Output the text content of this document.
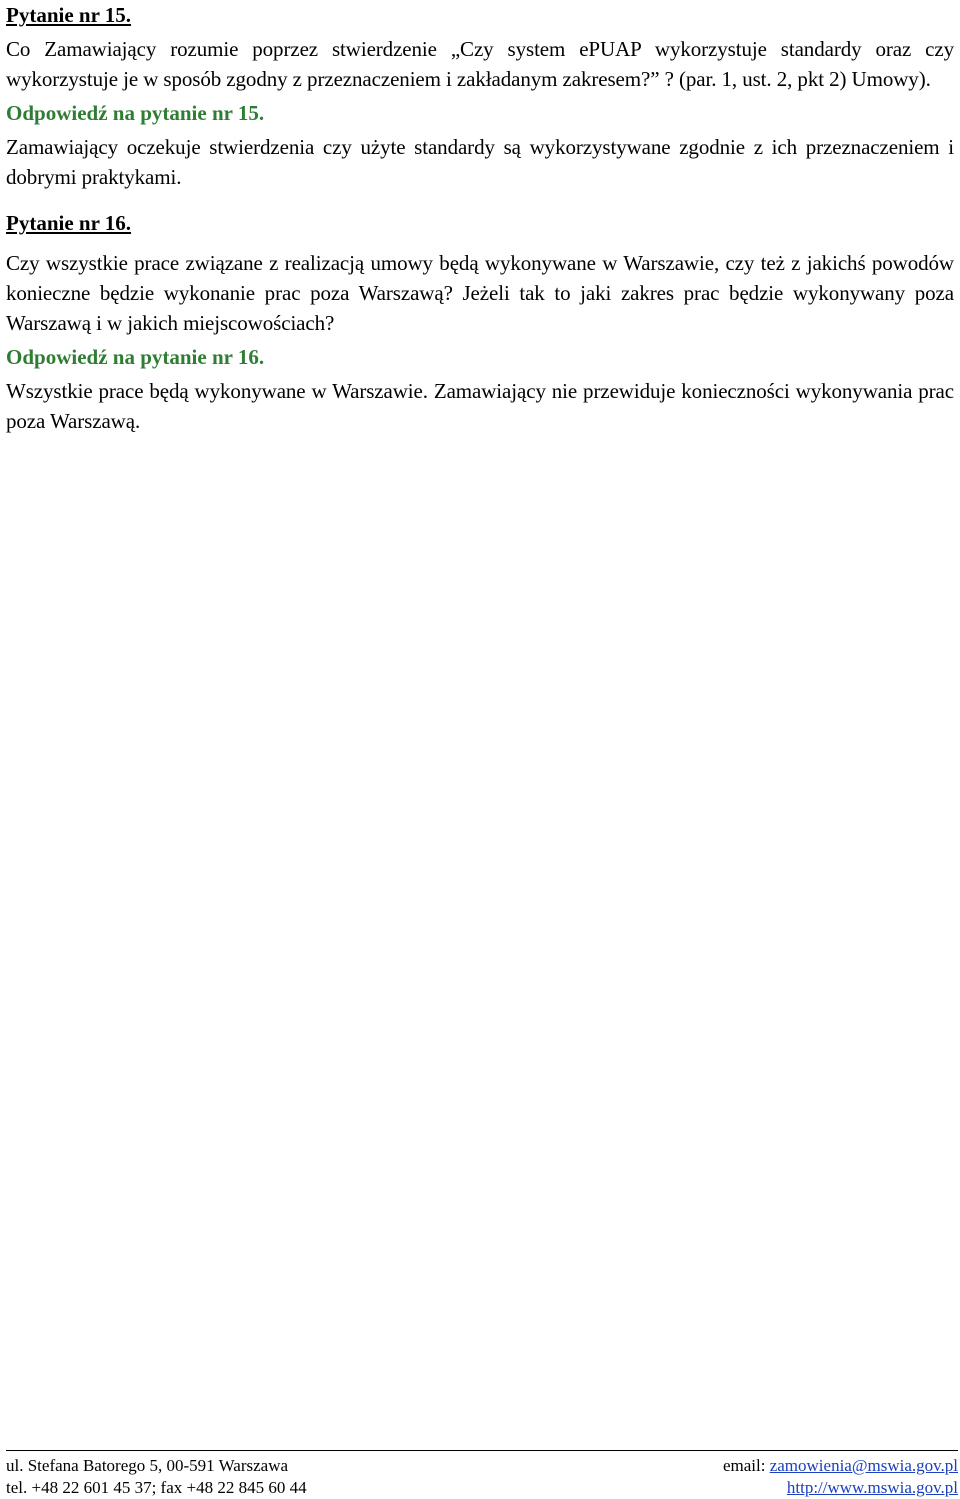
Pytanie nr 15.

Co Zamawiający rozumie poprzez stwierdzenie „Czy system ePUAP wykorzystuje standardy oraz czy wykorzystuje je w sposób zgodny z przeznaczeniem i zakładanym zakresem?” ? (par. 1, ust. 2, pkt 2) Umowy).

Odpowiedź na pytanie nr 15.

Zamawiający oczekuje stwierdzenia czy użyte standardy są wykorzystywane zgodnie z ich przeznaczeniem i dobrymi praktykami.

Pytanie nr 16.

Czy wszystkie prace związane z realizacją umowy będą wykonywane w Warszawie, czy też z jakichś powodów konieczne będzie wykonanie prac poza Warszawą? Jeżeli tak to jaki zakres prac będzie wykonywany poza Warszawą i w jakich miejscowościach?

Odpowiedź na pytanie nr 16.

Wszystkie prace będą wykonywane w Warszawie. Zamawiający nie przewiduje konieczności wykonywania prac poza Warszawą.

ul. Stefana Batorego 5, 00-591 Warszawa	email: zamowienia@mswia.gov.pl
tel. +48 22 601 45 37; fax +48 22 845 60 44	http://www.mswia.gov.pl
